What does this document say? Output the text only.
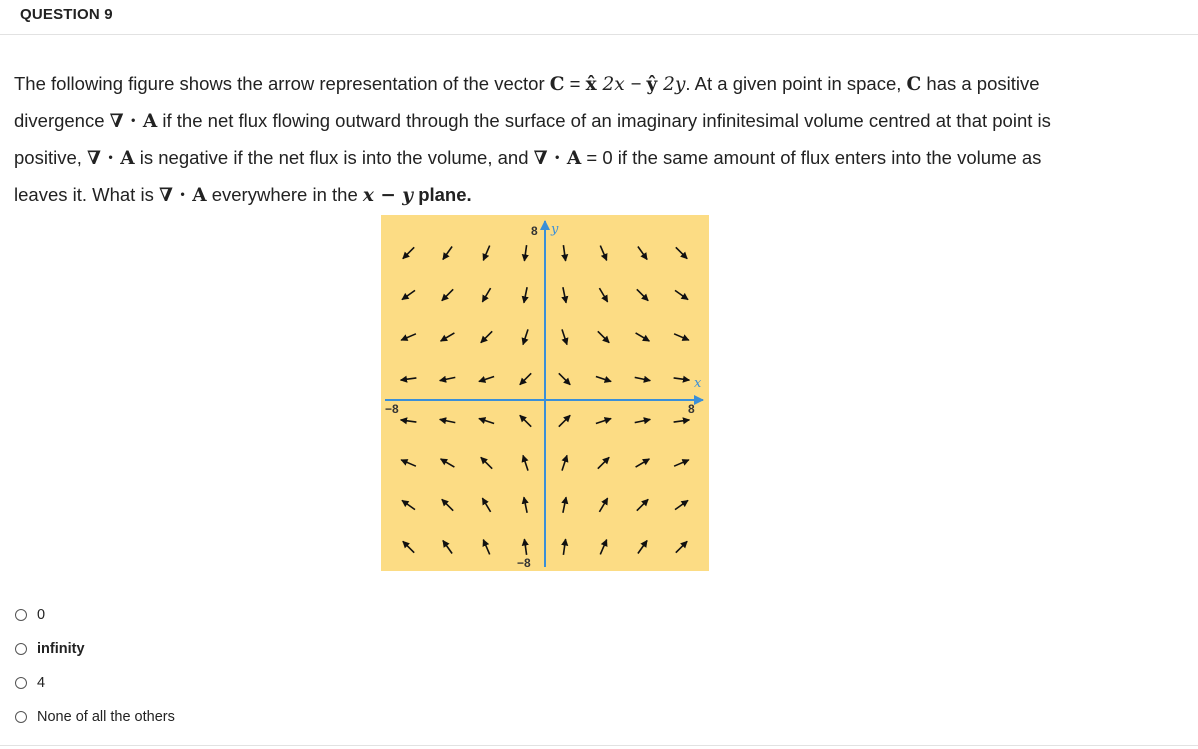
QUESTION 9
The following figure shows the arrow representation of the vector C = x̂ 2x − ŷ 2y. At a given point in space, C has a positive
divergence ∇ · A if the net flux flowing outward through the surface of an imaginary infinitesimal volume centred at that point is
positive, ∇ · A is negative if the net flux is into the volume, and ∇ · A = 0 if the same amount of flux enters into the volume as
leaves it. What is ∇ · A everywhere in the x − y plane.
y
x
8
−8
−8	8
0
infinity
4
None of all the others
